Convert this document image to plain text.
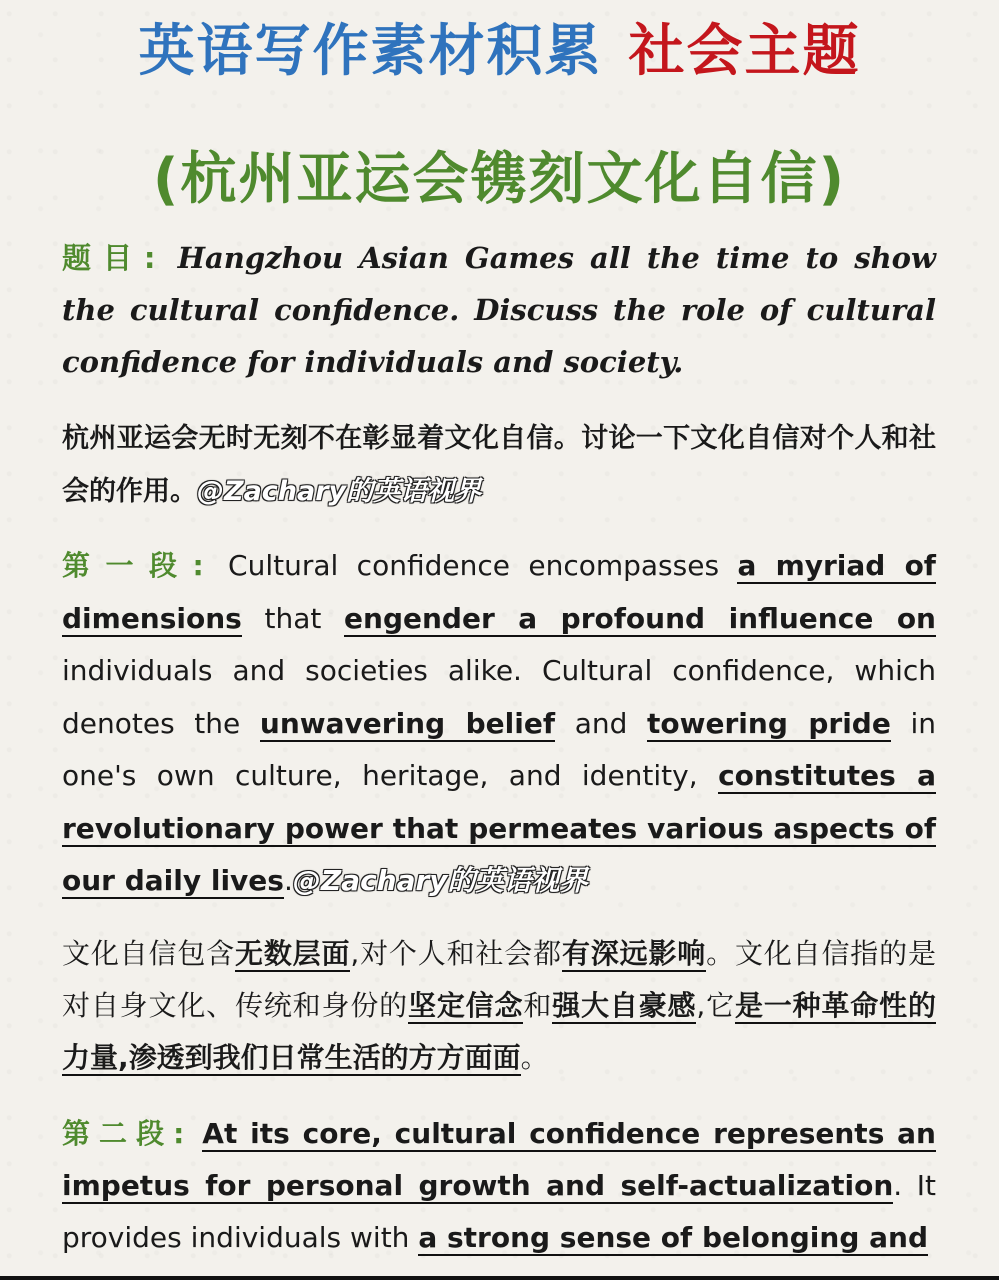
英语写作素材积累 社会主题
(杭州亚运会镌刻文化自信)
题目: Hangzhou Asian Games all the time to show the cultural confidence. Discuss the role of cultural confidence for individuals and society.
杭州亚运会无时无刻不在彰显着文化自信。讨论一下文化自信对个人和社会的作用。@Zachary的英语视界
第一段: Cultural confidence encompasses a myriad of dimensions that engender a profound influence on individuals and societies alike. Cultural confidence, which denotes the unwavering belief and towering pride in one's own culture, heritage, and identity, constitutes a revolutionary power that permeates various aspects of our daily lives.@Zachary的英语视界
文化自信包含无数层面,对个人和社会都有深远影响。文化自信指的是对自身文化、传统和身份的坚定信念和强大自豪感,它是一种革命性的力量,渗透到我们日常生活的方方面面。
第二段: At its core, cultural confidence represents an impetus for personal growth and self-actualization. It provides individuals with a strong sense of belonging and
